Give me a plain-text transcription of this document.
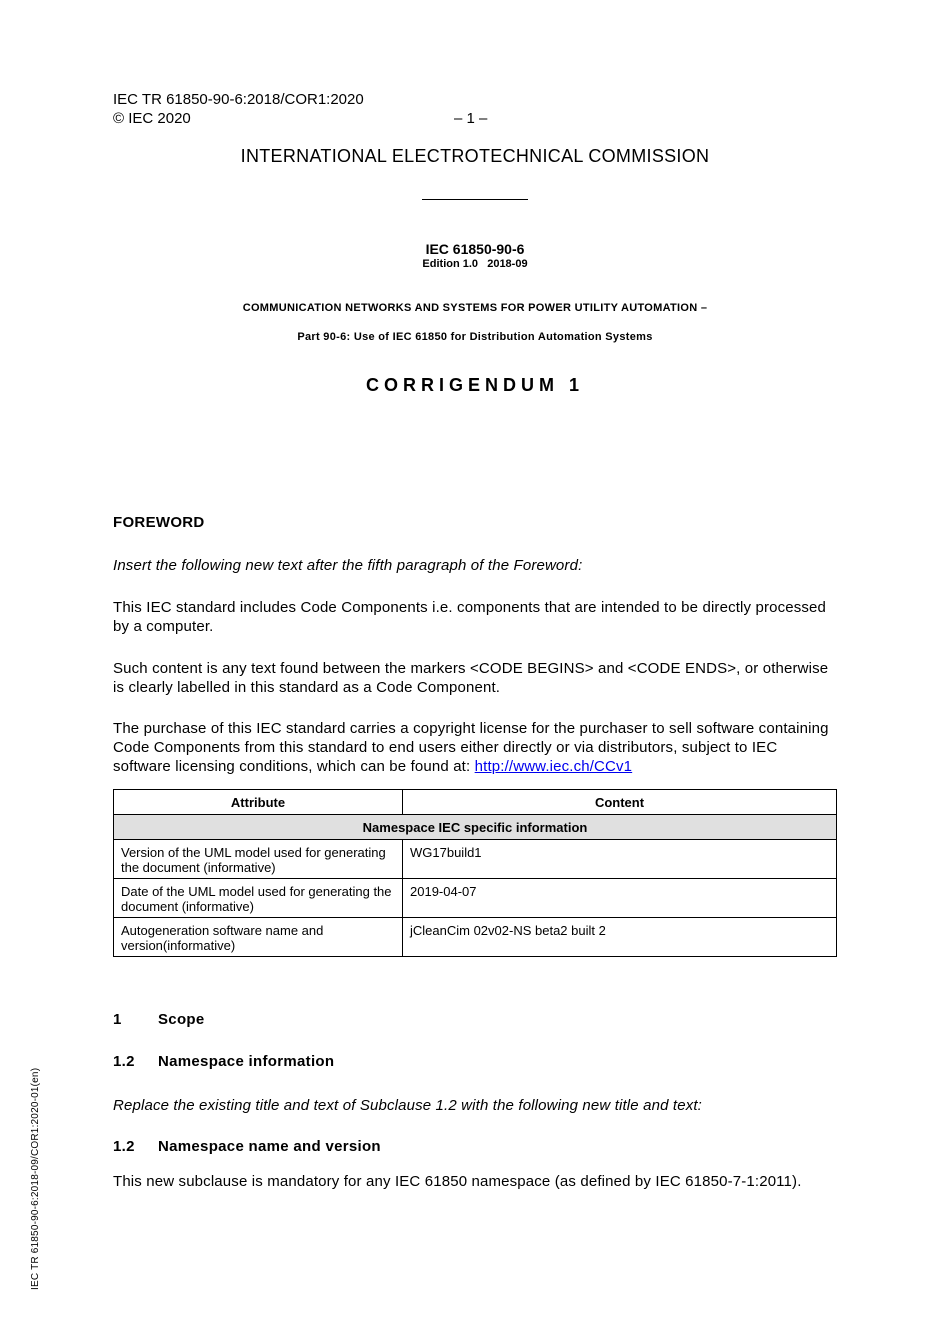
IEC TR 61850-90-6:2018/COR1:2020
© IEC 2020	– 1 –
INTERNATIONAL ELECTROTECHNICAL COMMISSION
IEC 61850-90-6
Edition 1.0   2018-09
COMMUNICATION NETWORKS AND SYSTEMS FOR POWER UTILITY AUTOMATION –
Part 90-6: Use of IEC 61850 for Distribution Automation Systems
CORRIGENDUM 1
FOREWORD
Insert the following new text after the fifth paragraph of the Foreword:

This IEC standard includes Code Components i.e. components that are intended to be directly processed by a computer.

Such content is any text found between the markers <CODE BEGINS> and <CODE ENDS>, or otherwise is clearly labelled in this standard as a Code Component.

The purchase of this IEC standard carries a copyright license for the purchaser to sell software containing Code Components from this standard to end users either directly or via distributors, subject to IEC software licensing conditions, which can be found at: http://www.iec.ch/CCv1

Attribute	Content
Namespace IEC specific information	
Version of the UML model used for generating the document (informative)	WG17build1
Date of the UML model used for generating the document (informative)	2019-04-07
Autogeneration software name and version(informative)	jCleanCim 02v02-NS beta2 built 2
1 Scope
1.2 Namespace information
Replace the existing title and text of Subclause 1.2 with the following new title and text:
1.2 Namespace name and version

This new subclause is mandatory for any IEC 61850 namespace (as defined by IEC 61850-7-1:2011).

IEC TR 61850-90-6:2018-09/COR1:2020-01(en)
